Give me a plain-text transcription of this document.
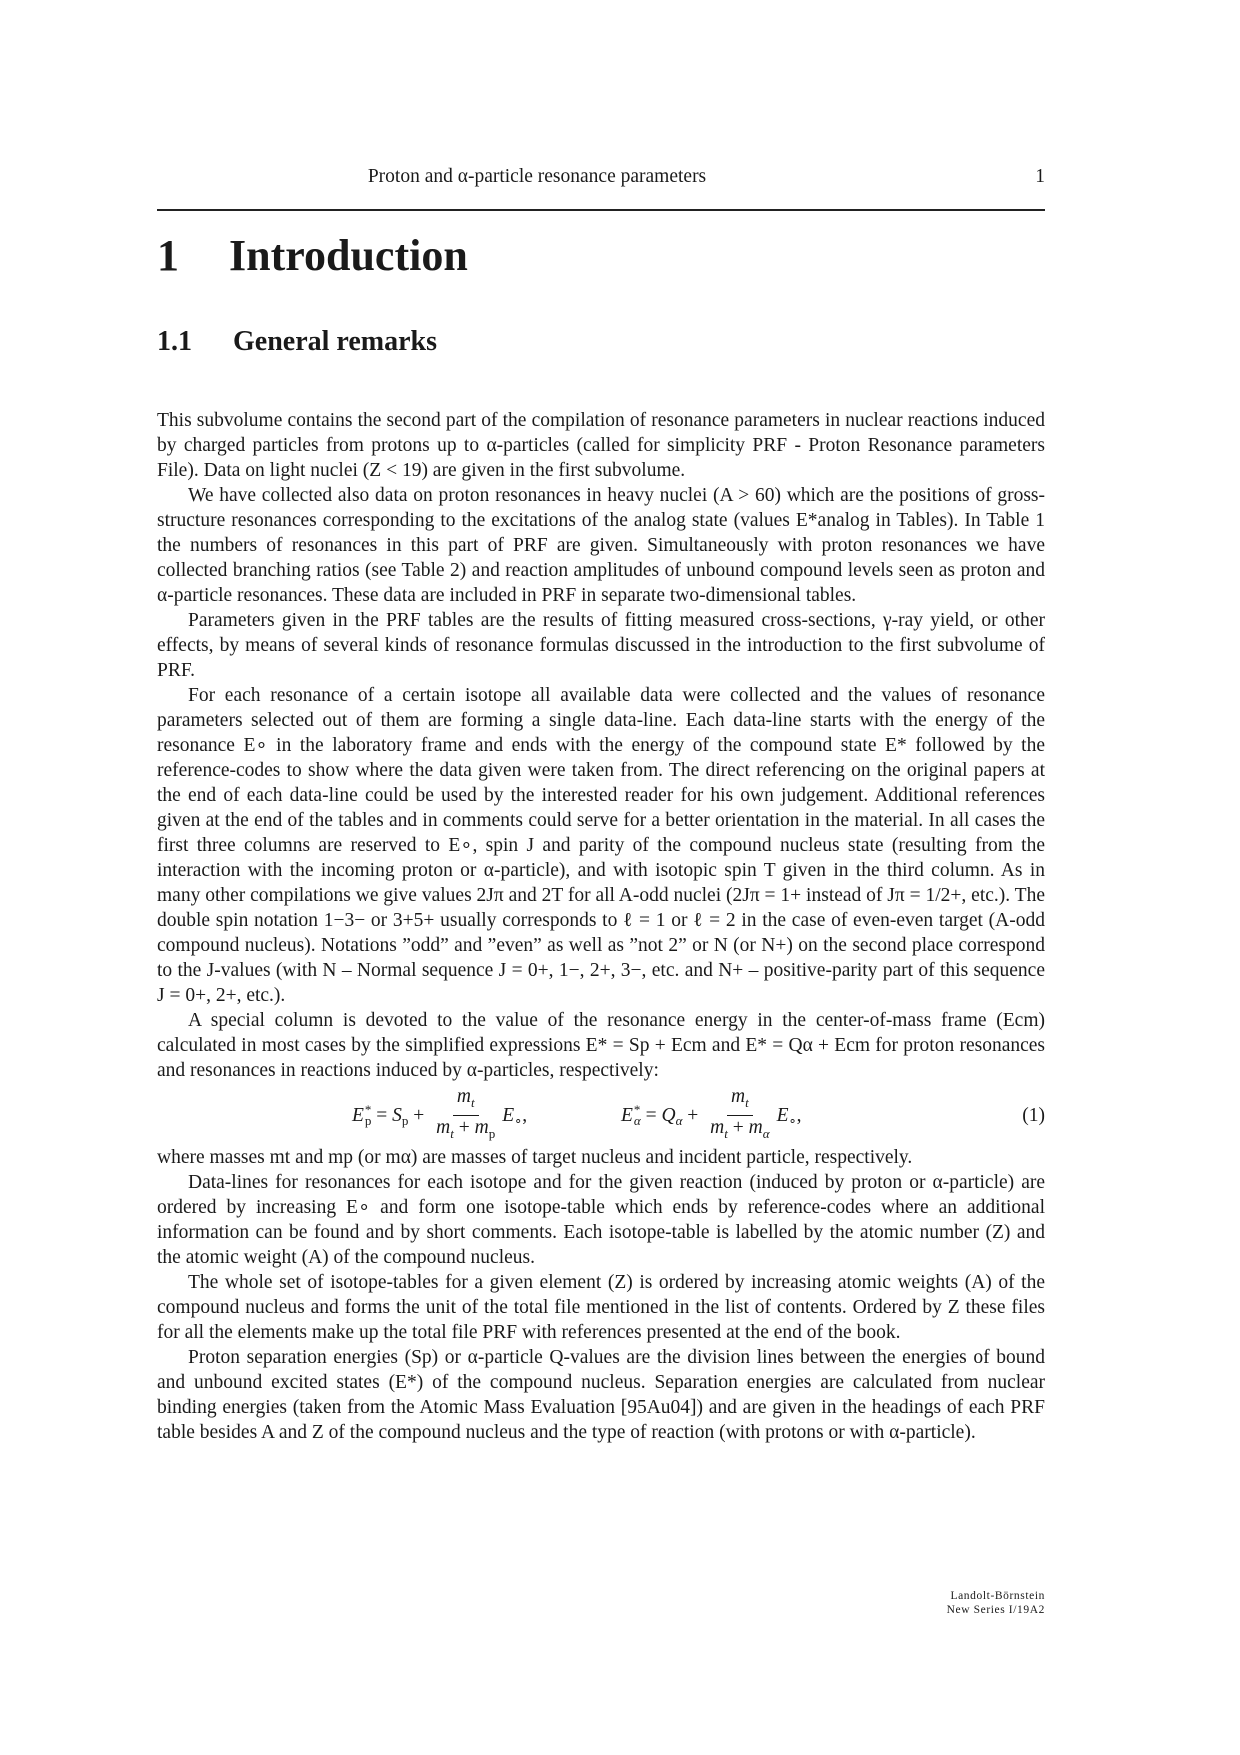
Proton and α-particle resonance parameters	1
1 Introduction
1.1 General remarks

This subvolume contains the second part of the compilation of resonance parameters in nuclear reactions induced by charged particles from protons up to α-particles (called for simplicity PRF - Proton Resonance parameters File). Data on light nuclei (Z < 19) are given in the first subvolume.

We have collected also data on proton resonances in heavy nuclei (A > 60) which are the positions of gross-structure resonances corresponding to the excitations of the analog state (values E*analog in Tables). In Table 1 the numbers of resonances in this part of PRF are given. Simultaneously with proton resonances we have collected branching ratios (see Table 2) and reaction amplitudes of unbound compound levels seen as proton and α-particle resonances. These data are included in PRF in separate two-dimensional tables.

Parameters given in the PRF tables are the results of fitting measured cross-sections, γ-ray yield, or other effects, by means of several kinds of resonance formulas discussed in the introduction to the first subvolume of PRF.

For each resonance of a certain isotope all available data were collected and the values of resonance parameters selected out of them are forming a single data-line. Each data-line starts with the energy of the resonance E∘ in the laboratory frame and ends with the energy of the compound state E* followed by the reference-codes to show where the data given were taken from. The direct referencing on the original papers at the end of each data-line could be used by the interested reader for his own judgement. Additional references given at the end of the tables and in comments could serve for a better orientation in the material. In all cases the first three columns are reserved to E∘, spin J and parity of the compound nucleus state (resulting from the interaction with the incoming proton or α-particle), and with isotopic spin T given in the third column. As in many other compilations we give values 2Jπ and 2T for all A-odd nuclei (2Jπ = 1+ instead of Jπ = 1/2+, etc.). The double spin notation 1−3− or 3+5+ usually corresponds to ℓ = 1 or ℓ = 2 in the case of even-even target (A-odd compound nucleus). Notations ”odd” and ”even” as well as ”not 2” or N (or N+) on the second place correspond to the J-values (with N – Normal sequence J = 0+, 1−, 2+, 3−, etc. and N+ – positive-parity part of this sequence J = 0+, 2+, etc.).

A special column is devoted to the value of the resonance energy in the center-of-mass frame (Ecm) calculated in most cases by the simplified expressions E* = Sp + Ecm and E* = Qα + Ecm for proton resonances and resonances in reactions induced by α-particles, respectively:

E *
p = S $p + \frac{m_t}{m_t + m_p}$ E ∘ ,	E *
α = Q $\alpha + \frac{m_t}{m_t + m_\alpha}$ E ∘ ,	(1)

where masses mt and mp (or mα) are masses of target nucleus and incident particle, respectively.

Data-lines for resonances for each isotope and for the given reaction (induced by proton or α-particle) are ordered by increasing E∘ and form one isotope-table which ends by reference-codes where an additional information can be found and by short comments. Each isotope-table is labelled by the atomic number (Z) and the atomic weight (A) of the compound nucleus.

The whole set of isotope-tables for a given element (Z) is ordered by increasing atomic weights (A) of the compound nucleus and forms the unit of the total file mentioned in the list of contents. Ordered by Z these files for all the elements make up the total file PRF with references presented at the end of the book.

Proton separation energies (Sp) or α-particle Q-values are the division lines between the energies of bound and unbound excited states (E*) of the compound nucleus. Separation energies are calculated from nuclear binding energies (taken from the Atomic Mass Evaluation [95Au04]) and are given in the headings of each PRF table besides A and Z of the compound nucleus and the type of reaction (with protons or with α-particle).

Landolt-Börnstein
New Series I/19A2
